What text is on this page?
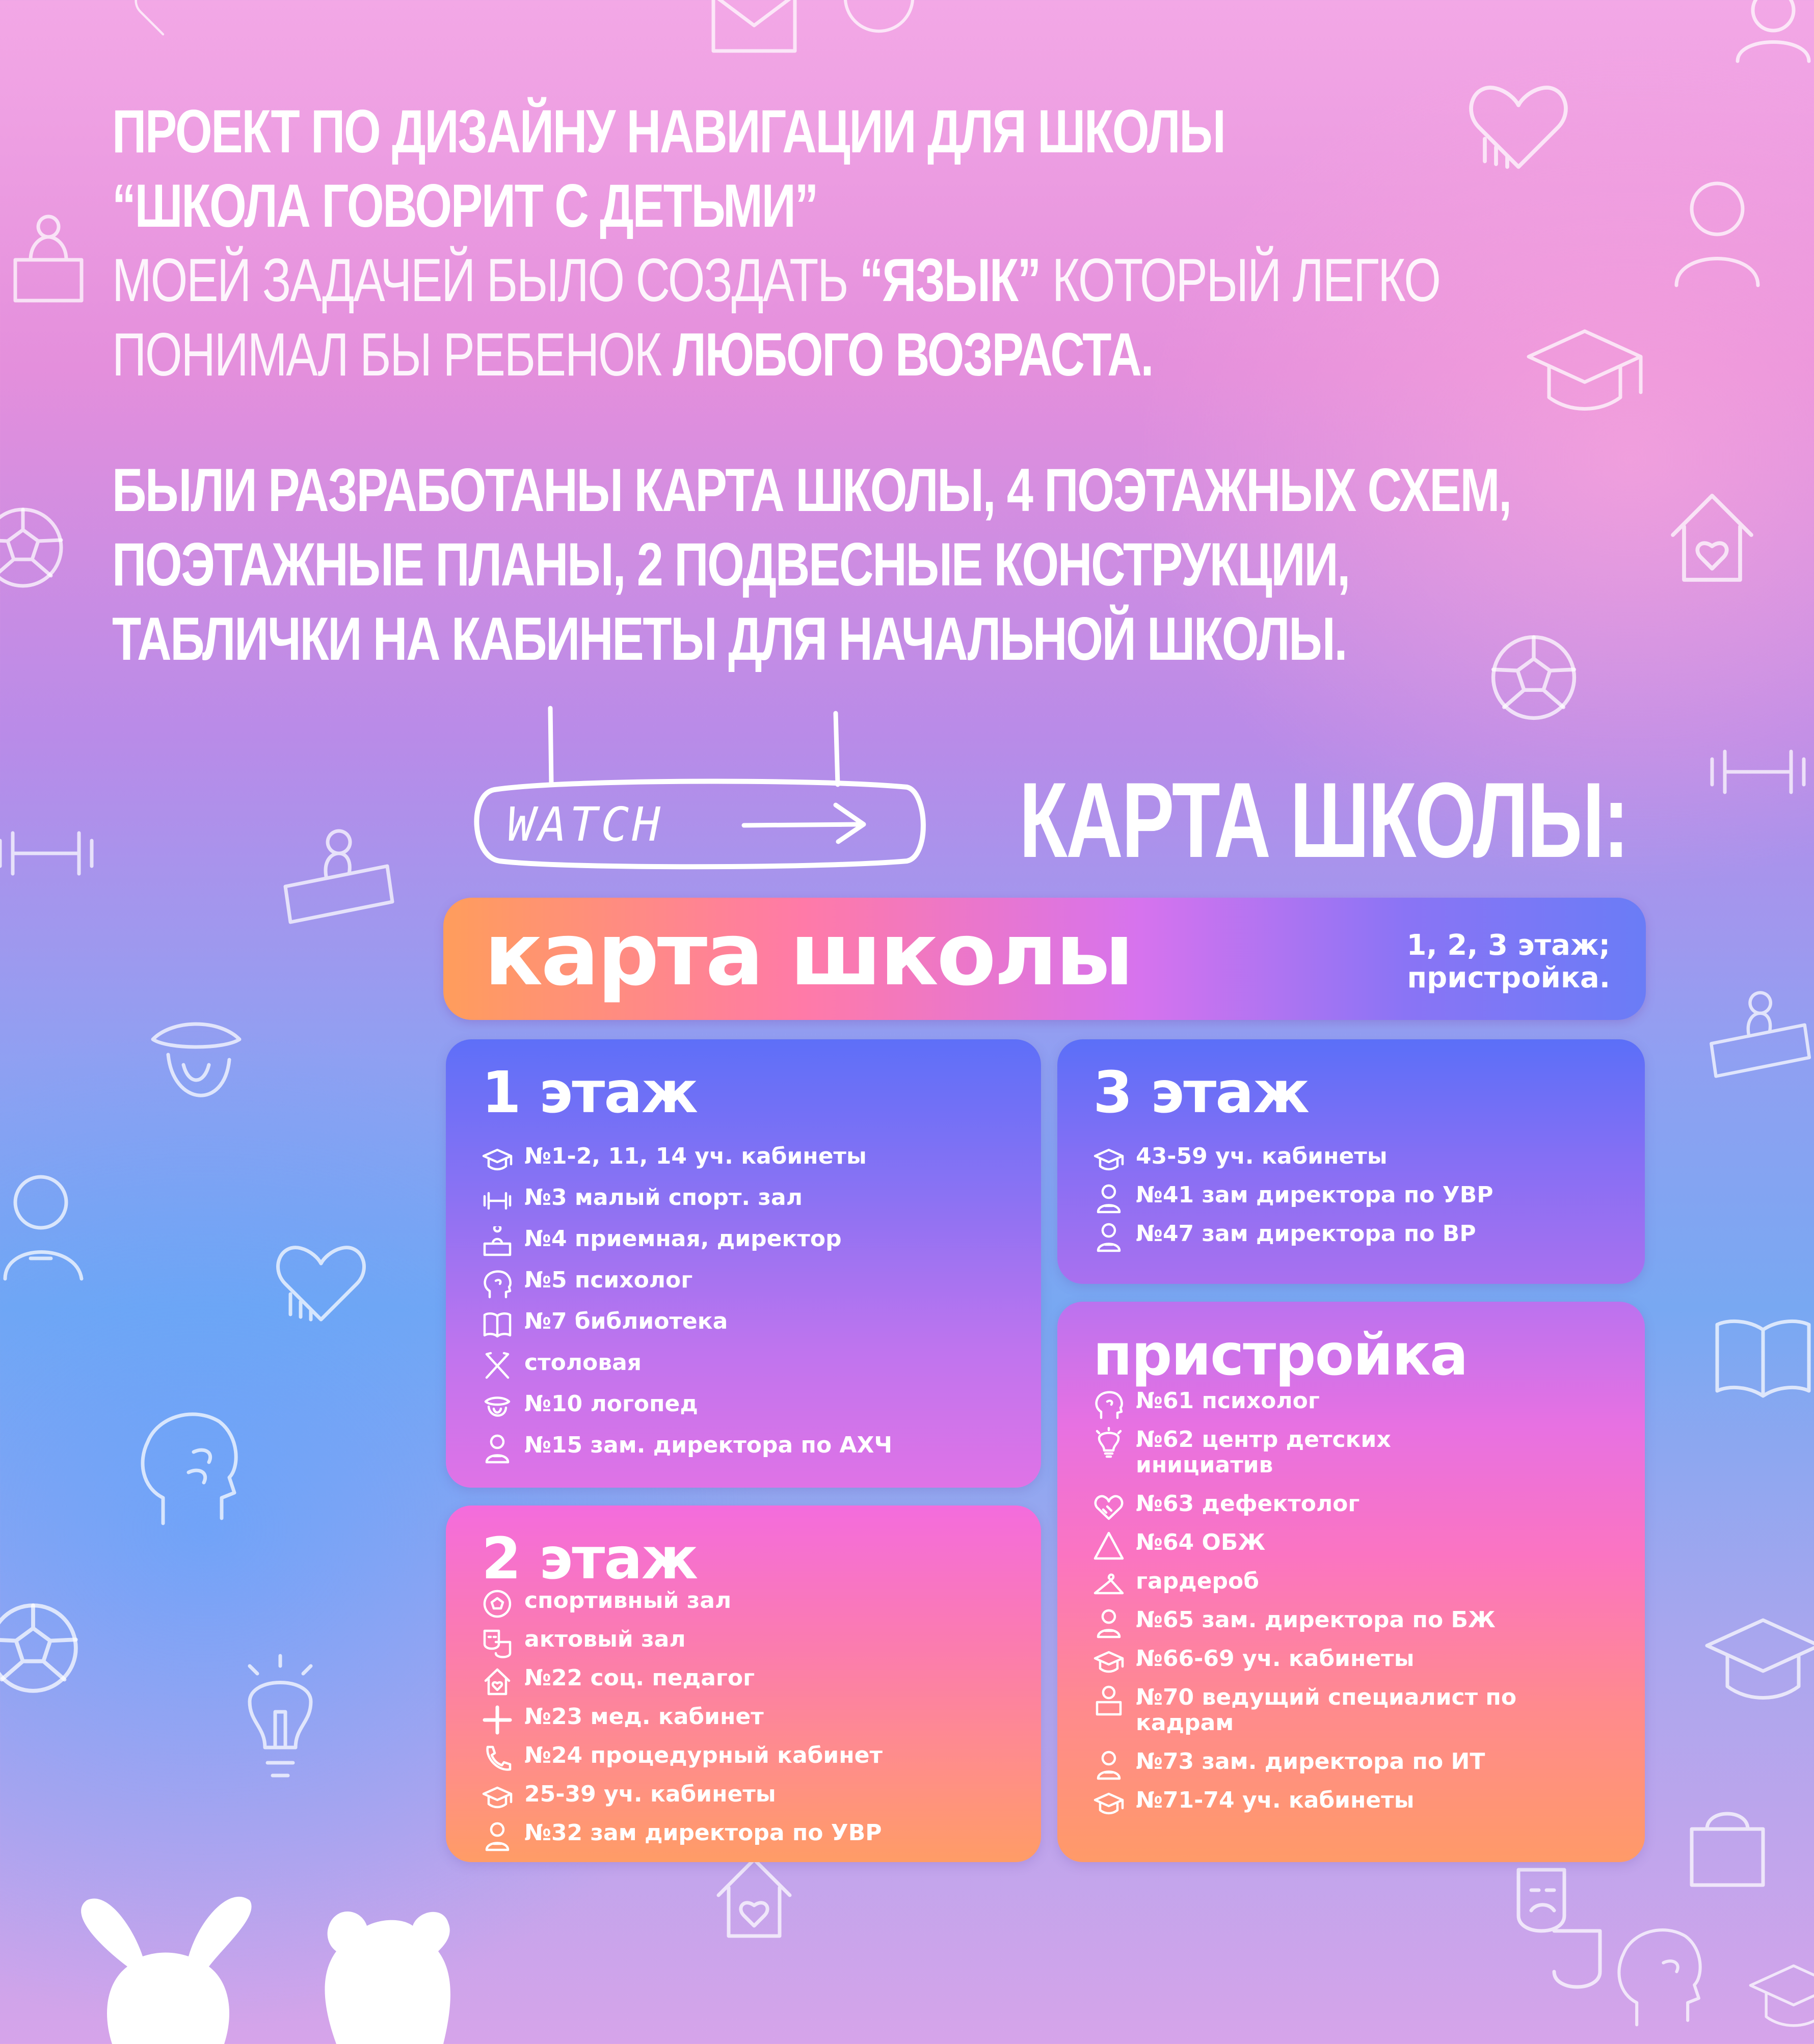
ПРОЕКТ ПО ДИЗАЙНУ НАВИГАЦИИ ДЛЯ ШКОЛЫ
“ШКОЛА ГОВОРИТ С ДЕТЬМИ”
МОЕЙ ЗАДАЧЕЙ БЫЛО СОЗДАТЬ “ЯЗЫК” КОТОРЫЙ ЛЕГКО
ПОНИМАЛ БЫ РЕБЕНОК ЛЮБОГО ВОЗРАСТА.
БЫЛИ РАЗРАБОТАНЫ КАРТА ШКОЛЫ, 4 ПОЭТАЖНЫХ СХЕМ,
ПОЭТАЖНЫЕ ПЛАНЫ, 2 ПОДВЕСНЫЕ КОНСТРУКЦИИ,
ТАБЛИЧКИ НА КАБИНЕТЫ ДЛЯ НАЧАЛЬНОЙ ШКОЛЫ.
WATCH	КАРТА ШКОЛЫ:
карта школы	1, 2, 3 этаж;
пристройка.
1 этаж
№1-2, 11, 14 уч. кабинеты
№3 малый спорт. зал
№4 приемная, директор
№5 психолог
№7 библиотека
столовая
№10 логопед
№15 зам. директора по АХЧ
2 этаж
спортивный зал
актовый зал
№22 соц. педагог
№23 мед. кабинет
№24 процедурный кабинет
25-39 уч. кабинеты
№32 зам директора по УВР
3 этаж
43-59 уч. кабинеты
№41 зам директора по УВР
№47 зам директора по ВР
пристройка
№61 психолог
№62 центр детских
инициатив
№63 дефектолог
№64 ОБЖ
гардероб
№65 зам. директора по БЖ
№66-69 уч. кабинеты
№70 ведущий специалист по
кадрам
№73 зам. директора по ИТ
№71-74 уч. кабинеты
